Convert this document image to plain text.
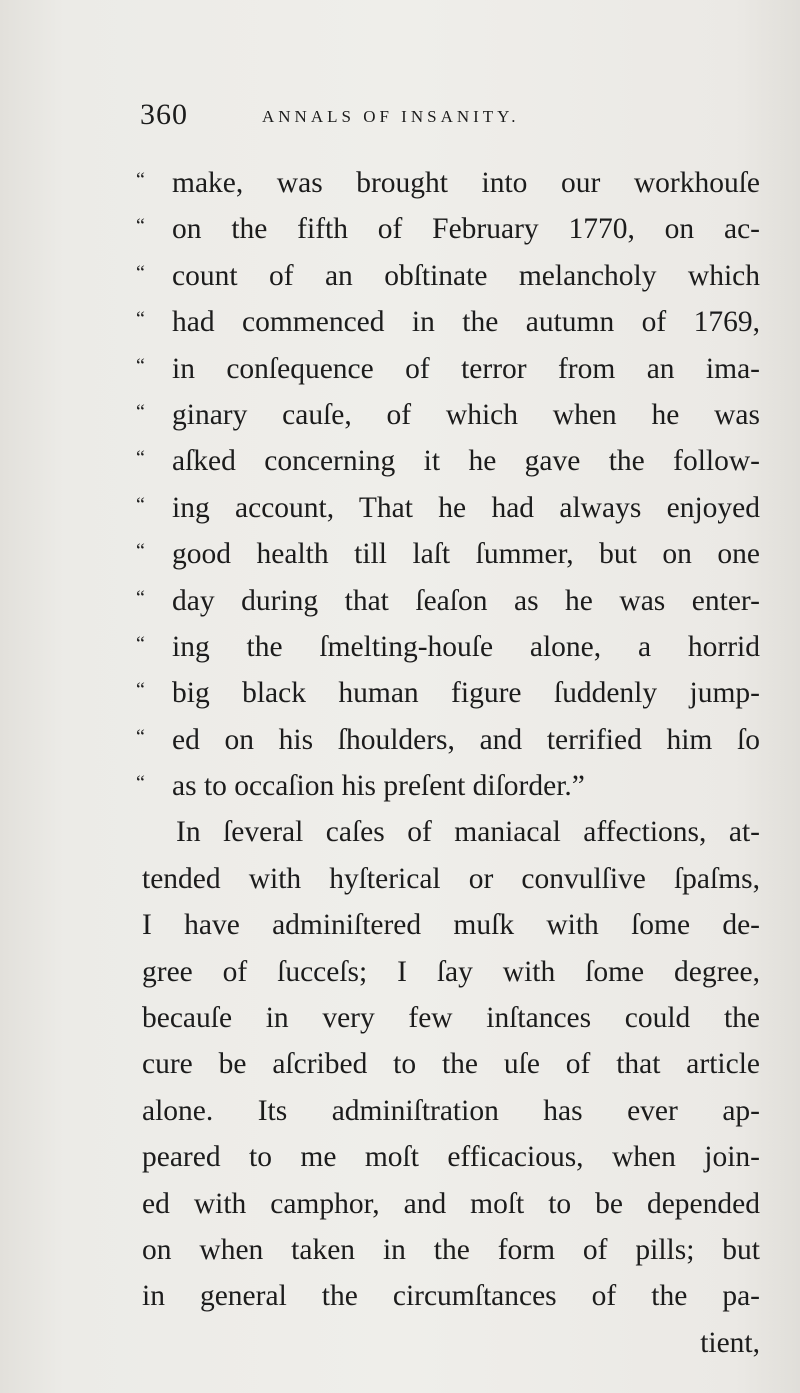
360	ANNALS OF INSANITY.
“ make, was brought into our workhouſe
“ on the fifth of February 1770, on ac-
“ count of an obſtinate melancholy which
“ had commenced in the autumn of 1769,
“ in conſequence of terror from an ima-
“ ginary cauſe, of which when he was
“ aſked concerning it he gave the follow-
“ ing account, That he had always enjoyed
“ good health till laſt ſummer, but on one
“ day during that ſeaſon as he was enter-
“ ing the ſmelting-houſe alone, a horrid
“ big black human figure ſuddenly jump-
“ ed on his ſhoulders, and terrified him ſo
“ as to occaſion his preſent diſorder.”
In ſeveral caſes of maniacal affections, at-
tended with hyſterical or convulſive ſpaſms,
I have adminiſtered muſk with ſome de-
gree of ſucceſs; I ſay with ſome degree,
becauſe in very few inſtances could the
cure be aſcribed to the uſe of that article
alone. Its adminiſtration has ever ap-
peared to me moſt efficacious, when join-
ed with camphor, and moſt to be depended
on when taken in the form of pills; but
in general the circumſtances of the pa-
tient,
